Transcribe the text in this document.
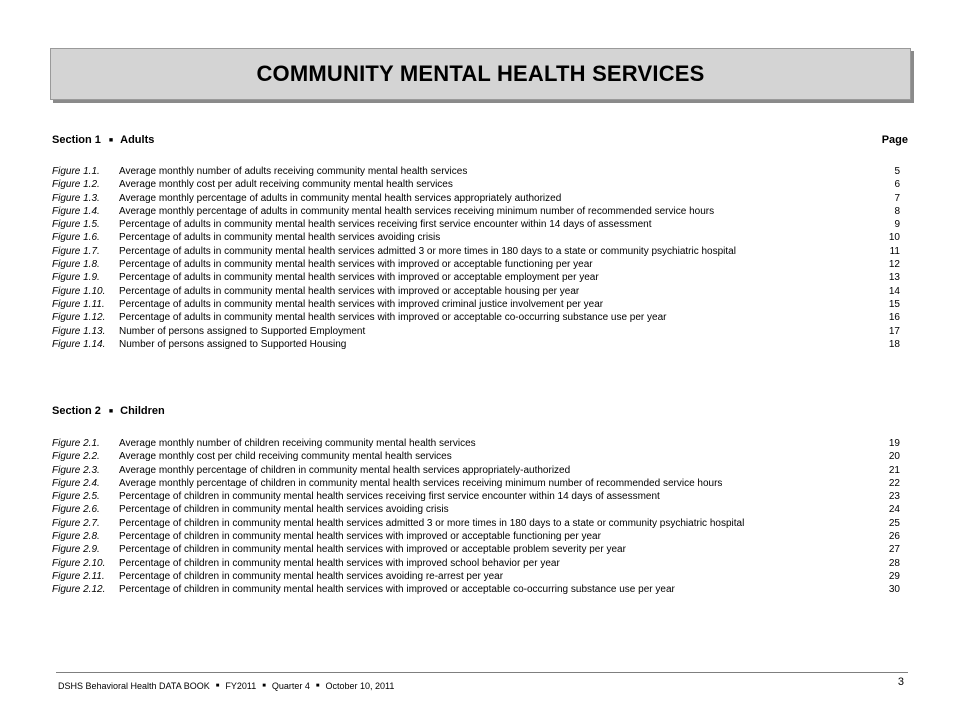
COMMUNITY MENTAL HEALTH SERVICES
Section 1 ■ Adults	Page
Figure 1.1.	Average monthly number of adults receiving community mental health services	5
Figure 1.2.	Average monthly cost per adult receiving community mental health services	6
Figure 1.3.	Average monthly percentage of adults in community mental health services appropriately authorized	7
Figure 1.4.	Average monthly percentage of adults in community mental health services receiving minimum number of recommended service hours	8
Figure 1.5.	Percentage of adults in community mental health services receiving first service encounter within 14 days of assessment	9
Figure 1.6.	Percentage of adults in community mental health services avoiding crisis	10
Figure 1.7.	Percentage of adults in community mental health services admitted 3 or more times in 180 days to a state or community psychiatric hospital	11
Figure 1.8.	Percentage of adults in community mental health services with improved or acceptable functioning per year	12
Figure 1.9.	Percentage of adults in community mental health services with improved or acceptable employment per year	13
Figure 1.10.	Percentage of adults in community mental health services with improved or acceptable housing per year	14
Figure 1.11.	Percentage of adults in community mental health services with improved criminal justice involvement per year	15
Figure 1.12.	Percentage of adults in community mental health services with improved or acceptable co-occurring substance use per year	16
Figure 1.13.	Number of persons assigned to Supported Employment	17
Figure 1.14.	Number of persons assigned to Supported Housing	18
Section 2 ■ Children
Figure 2.1.	Average monthly number of children receiving community mental health services	19
Figure 2.2.	Average monthly cost per child receiving community mental health services	20
Figure 2.3.	Average monthly percentage of children in community mental health services appropriately-authorized	21
Figure 2.4.	Average monthly percentage of children in community mental health services receiving minimum number of recommended service hours	22
Figure 2.5.	Percentage of children in community mental health services receiving first service encounter within 14 days of assessment	23
Figure 2.6.	Percentage of children in community mental health services avoiding crisis	24
Figure 2.7.	Percentage of children in community mental health services admitted 3 or more times in 180 days to a state or community psychiatric hospital	25
Figure 2.8.	Percentage of children in community mental health services with improved or acceptable functioning per year	26
Figure 2.9.	Percentage of children in community mental health services with improved or acceptable problem severity per year	27
Figure 2.10.	Percentage of children in community mental health services with improved school behavior per year	28
Figure 2.11.	Percentage of children in community mental health services avoiding re-arrest per year	29
Figure 2.12.	Percentage of children in community mental health services with improved or acceptable co-occurring substance use per year	30
DSHS Behavioral Health DATA BOOK ■ FY2011 ■ Quarter 4 ■ October 10, 2011	3
